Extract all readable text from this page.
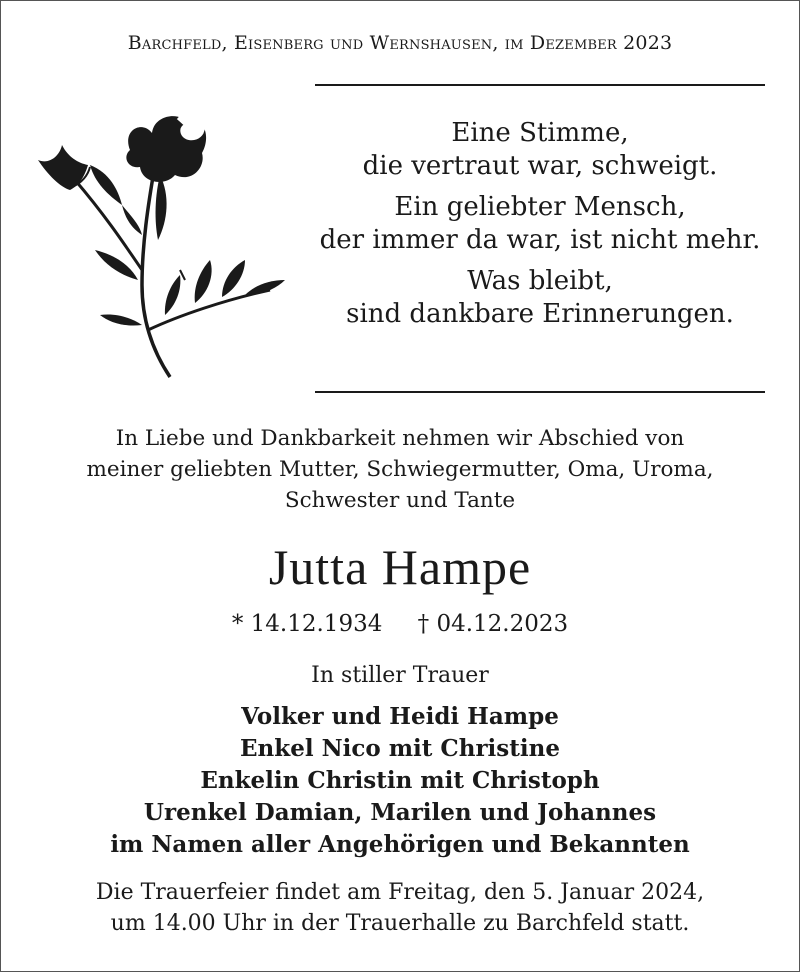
Barchfeld, Eisenberg und Wernshausen, im Dezember 2023
Eine Stimme,
die vertraut war, schweigt.
Ein geliebter Mensch,
der immer da war, ist nicht mehr.
Was bleibt,
sind dankbare Erinnerungen.
In Liebe und Dankbarkeit nehmen wir Abschied von
meiner geliebten Mutter, Schwiegermutter, Oma, Uroma,
Schwester und Tante
Jutta Hampe
* 14.12.1934 † 04.12.2023
In stiller Trauer
Volker und Heidi Hampe
Enkel Nico mit Christine
Enkelin Christin mit Christoph
Urenkel Damian, Marilen und Johannes
im Namen aller Angehörigen und Bekannten
Die Trauerfeier findet am Freitag, den 5. Januar 2024,
um 14.00 Uhr in der Trauerhalle zu Barchfeld statt.
